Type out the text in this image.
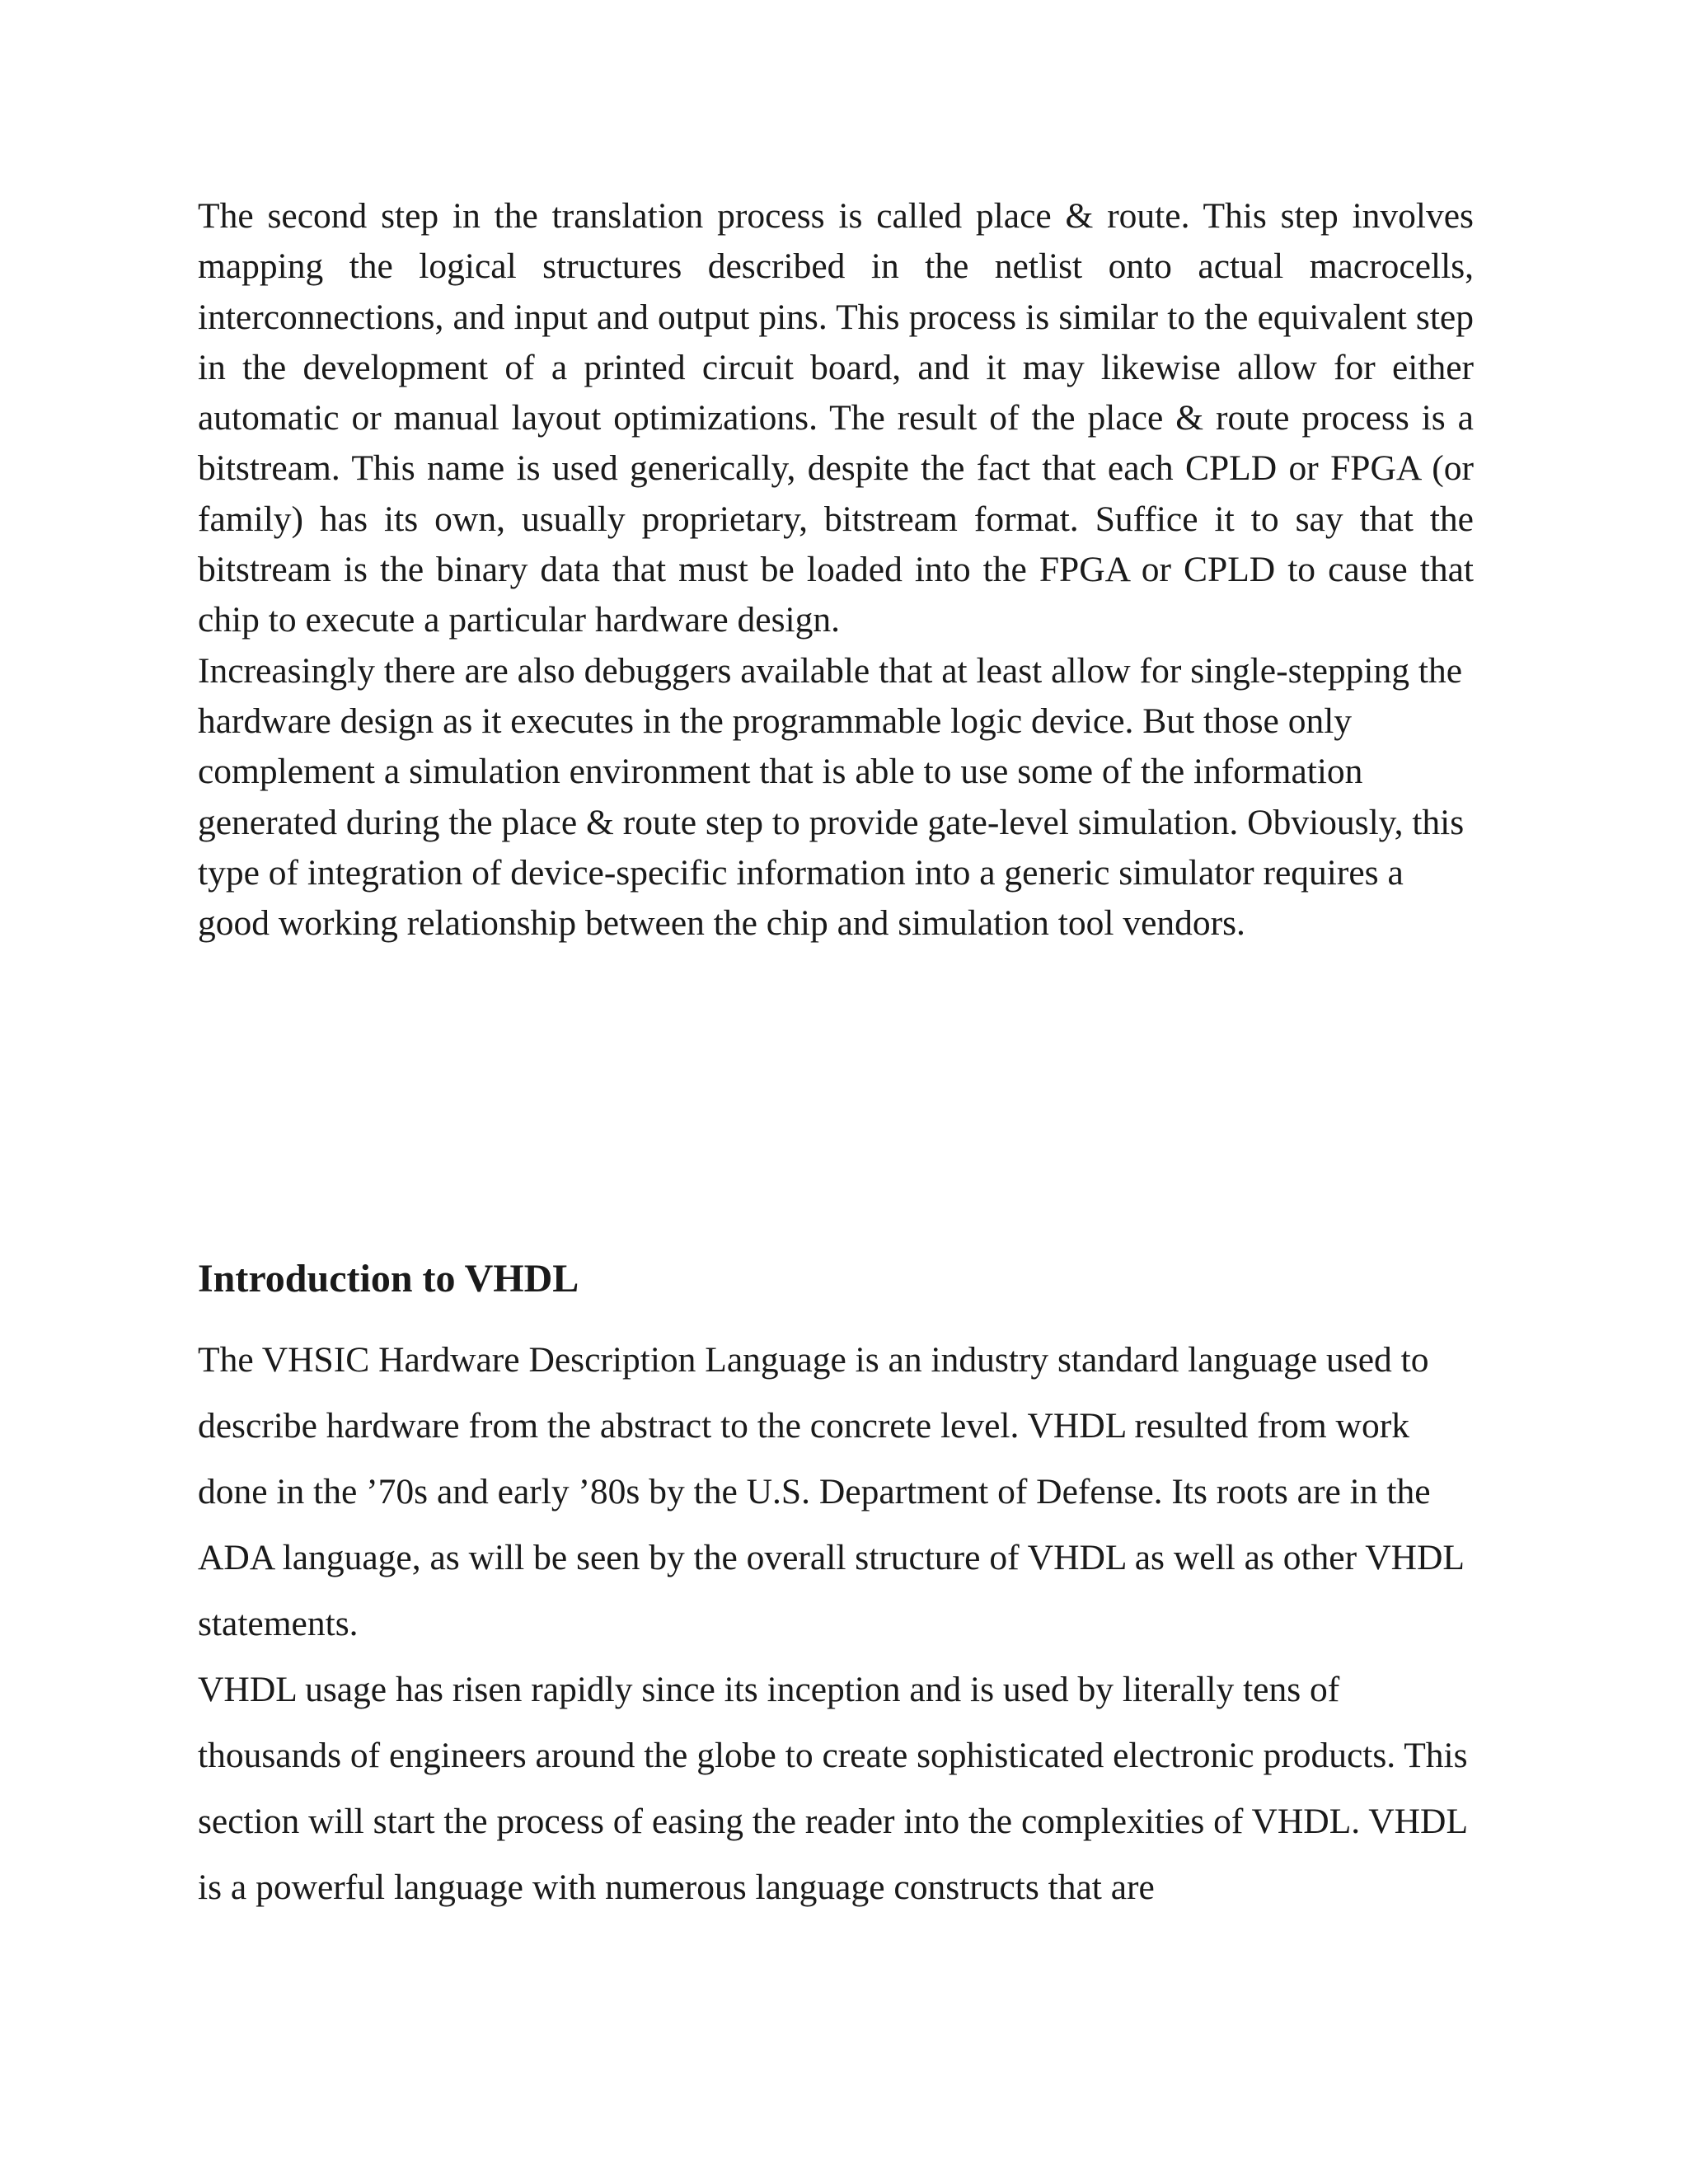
The second step in the translation process is called place & route. This step involves mapping the logical structures described in the netlist onto actual macrocells, interconnections, and input and output pins. This process is similar to the equivalent step in the development of a printed circuit board, and it may likewise allow for either automatic or manual layout optimizations. The result of the place & route process is a bitstream. This name is used generically, despite the fact that each CPLD or FPGA (or family) has its own, usually proprietary, bitstream format. Suffice it to say that the bitstream is the binary data that must be loaded into the FPGA or CPLD to cause that chip to execute a particular hardware design.

Increasingly there are also debuggers available that at least allow for single-stepping the hardware design as it executes in the programmable logic device. But those only complement a simulation environment that is able to use some of the information generated during the place & route step to provide gate-level simulation. Obviously, this type of integration of device-specific information into a generic simulator requires a good working relationship between the chip and simulation tool vendors.

Introduction to VHDL

The VHSIC Hardware Description Language is an industry standard language used to describe hardware from the abstract to the concrete level. VHDL resulted from work done in the ’70s and early ’80s by the U.S. Department of Defense. Its roots are in the ADA language, as will be seen by the overall structure of VHDL as well as other VHDL statements.

VHDL usage has risen rapidly since its inception and is used by literally tens of thousands of engineers around the globe to create sophisticated electronic products. This section will start the process of easing the reader into the complexities of VHDL. VHDL is a powerful language with numerous language constructs that are
